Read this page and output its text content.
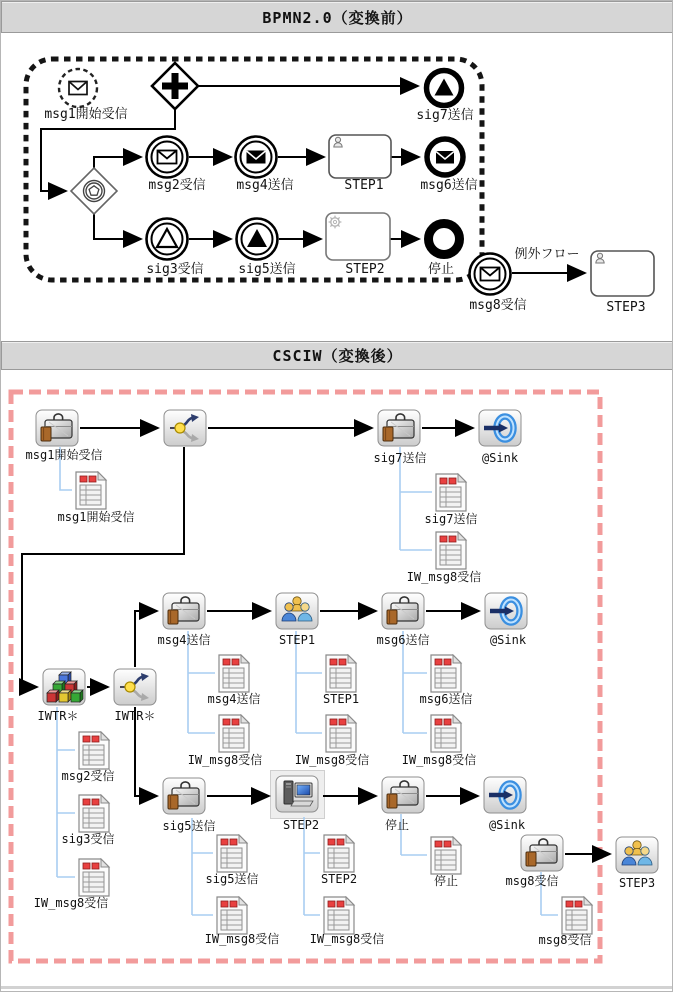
BPMN2.0（変換前）
CSCIW（変換後）
msg1開始受信	sig7送信
msg2受信 msg4送信	STEP1	msg6送信
sig3受信	sig5送信	STEP2	停止
msg8受信
例外フロー
STEP3
msg1開始受信	sig7送信	@Sink
msg4送信	STEP1	msg6送信	@Sink
IWTR＊	IWTR＊
sig5送信	STEP2	停止	@Sink
msg8受信	STEP3
msg1開始受信	sig7送信
IW_msg8受信
msg4送信
IW_msg8受信
STEP1
IW_msg8受信
msg6送信
IW_msg8受信
msg2受信
sig3受信
IW_msg8受信
sig5送信
IW_msg8受信
STEP2
IW_msg8受信
停止
msg8受信
